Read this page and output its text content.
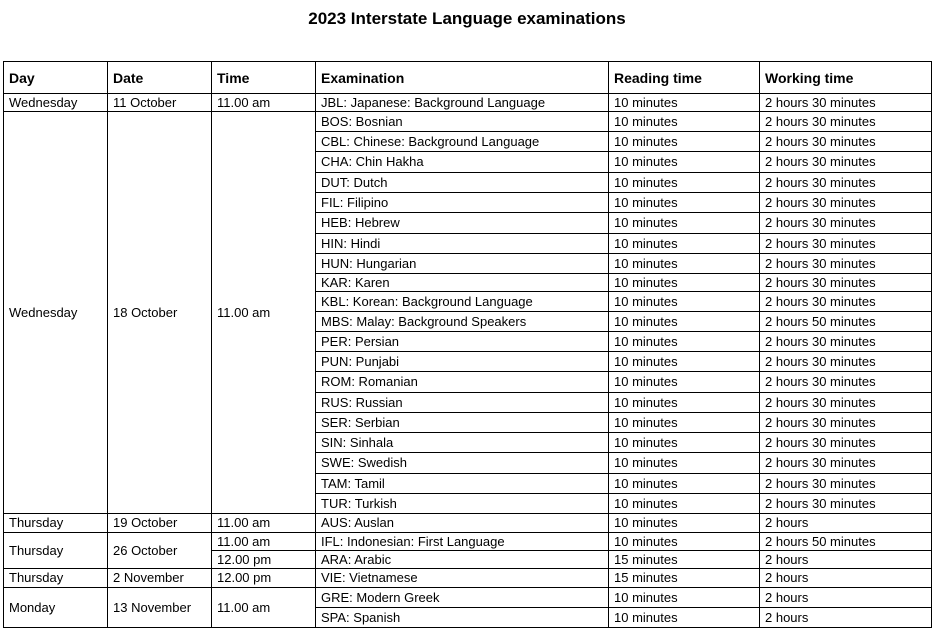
2023 Interstate Language examinations
Day	Date	Time	Examination	Reading time	Working time
Wednesday	11 October	11.00 am	JBL: Japanese: Background Language	10 minutes	2 hours 30 minutes
Wednesday	18 October	11.00 am	BOS: Bosnian	10 minutes	2 hours 30 minutes
			CBL: Chinese: Background Language	10 minutes	2 hours 30 minutes
			CHA: Chin Hakha	10 minutes	2 hours 30 minutes
			DUT: Dutch	10 minutes	2 hours 30 minutes
			FIL: Filipino	10 minutes	2 hours 30 minutes
			HEB: Hebrew	10 minutes	2 hours 30 minutes
			HIN: Hindi	10 minutes	2 hours 30 minutes
			HUN: Hungarian	10 minutes	2 hours 30 minutes
			KAR: Karen	10 minutes	2 hours 30 minutes
			KBL: Korean: Background Language	10 minutes	2 hours 30 minutes
			MBS: Malay: Background Speakers	10 minutes	2 hours 50 minutes
			PER: Persian	10 minutes	2 hours 30 minutes
			PUN: Punjabi	10 minutes	2 hours 30 minutes
			ROM: Romanian	10 minutes	2 hours 30 minutes
			RUS: Russian	10 minutes	2 hours 30 minutes
			SER: Serbian	10 minutes	2 hours 30 minutes
			SIN: Sinhala	10 minutes	2 hours 30 minutes
			SWE: Swedish	10 minutes	2 hours 30 minutes
			TAM: Tamil	10 minutes	2 hours 30 minutes
			TUR: Turkish	10 minutes	2 hours 30 minutes
Thursday	19 October	11.00 am	AUS: Auslan	10 minutes	2 hours
Thursday	26 October	11.00 am	IFL: Indonesian: First Language	10 minutes	2 hours 50 minutes
		12.00 pm	ARA: Arabic	15 minutes	2 hours
Thursday	2 November	12.00 pm	VIE: Vietnamese	15 minutes	2 hours
Monday	13 November	11.00 am	GRE: Modern Greek	10 minutes	2 hours
			SPA: Spanish	10 minutes	2 hours
